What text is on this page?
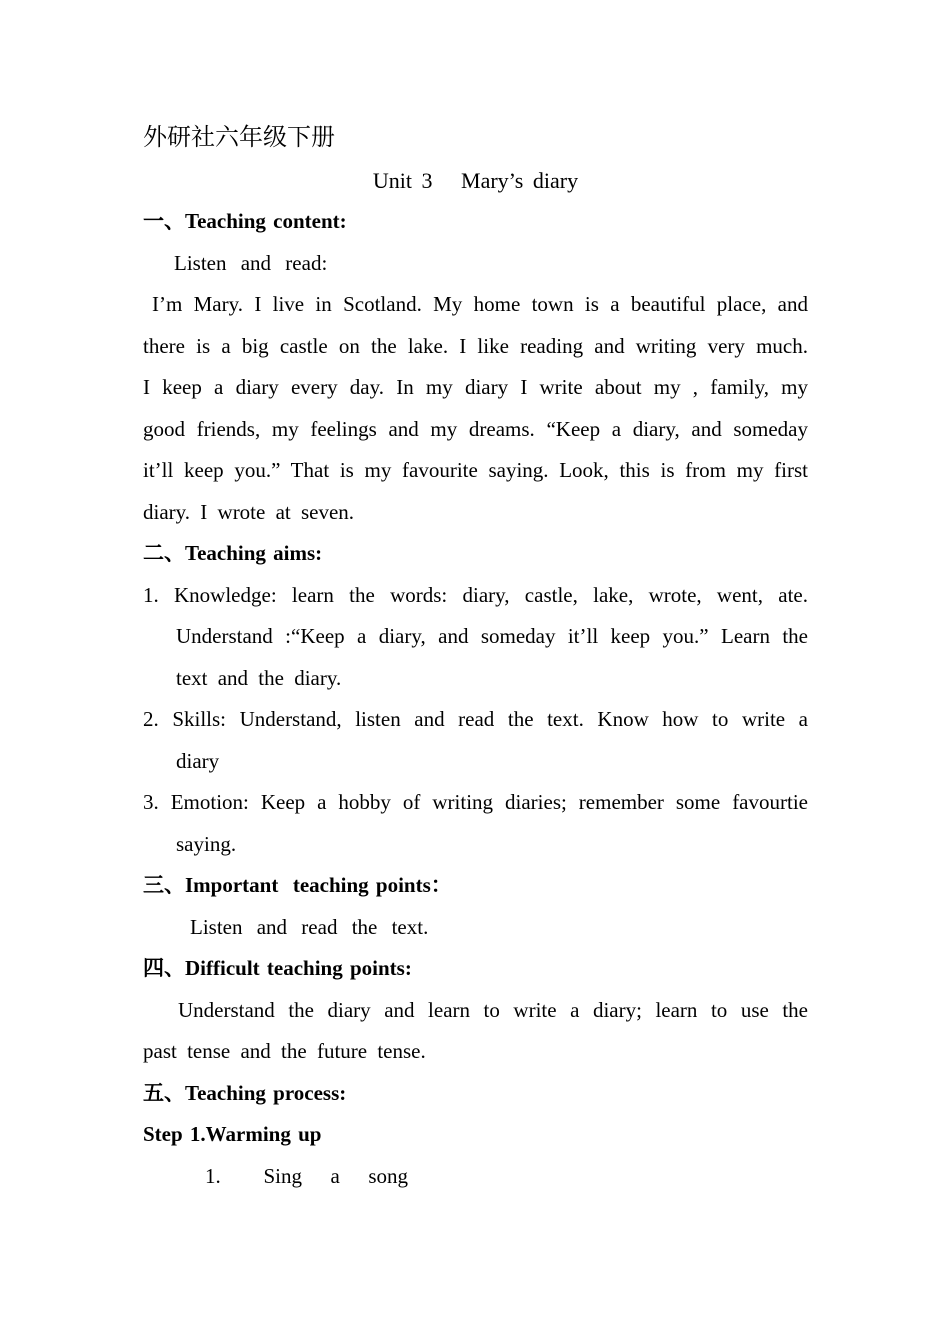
外研社六年级下册
Unit 3   Mary’s diary
一、Teaching content:
Listen and read:
I’m Mary. I live in Scotland. My home town is a beautiful place, and there is a big castle on the lake. I like reading and writing very much. I keep a diary every day. In my diary I write about my , family, my good friends, my feelings and my dreams. “Keep a diary, and someday it’ll keep you.” That is my favourite saying. Look, this is from my first diary. I wrote at seven.
二、Teaching aims:
1. Knowledge: learn the words: diary, castle, lake, wrote, went, ate. Understand :“Keep a diary, and someday it’ll keep you.” Learn the text and the diary.
2. Skills: Understand, listen and read the text. Know how to write a diary
3. Emotion: Keep a hobby of writing diaries; remember some favourtie saying.
三、Important  teaching points：
Listen and read the text.
四、Difficult teaching points:
Understand the diary and learn to write a diary; learn to use the past tense and the future tense.
五、Teaching process:
Step 1.Warming up
1.   Sing  a  song
